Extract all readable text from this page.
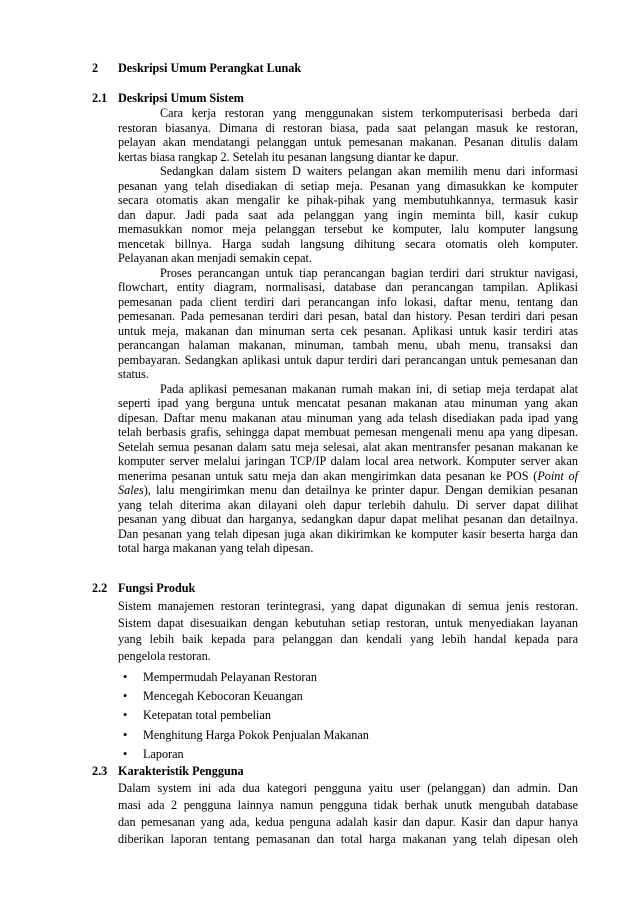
2 Deskripsi Umum Perangkat Lunak
2.1 Deskripsi Umum Sistem
Cara kerja restoran yang menggunakan sistem terkomputerisasi berbeda dari
restoran biasanya. Dimana di restoran biasa, pada saat pelangan masuk ke restoran,
pelayan akan mendatangi pelanggan untuk pemesanan makanan. Pesanan ditulis dalam
kertas biasa rangkap 2. Setelah itu pesanan langsung diantar ke dapur.
Sedangkan dalam sistem D waiters pelangan akan memilih menu dari informasi
pesanan yang telah disediakan di setiap meja. Pesanan yang dimasukkan ke komputer
secara otomatis akan mengalir ke pihak-pihak yang membutuhkannya, termasuk kasir
dan dapur. Jadi pada saat ada pelanggan yang ingin meminta bill, kasir cukup
memasukkan nomor meja pelanggan tersebut ke komputer, lalu komputer langsung
mencetak billnya. Harga sudah langsung dihitung secara otomatis oleh komputer.
Pelayanan akan menjadi semakin cepat.
Proses perancangan untuk tiap perancangan bagian terdiri dari struktur navigasi,
flowchart, entity diagram, normalisasi, database dan perancangan tampilan. Aplikasi
pemesanan pada client terdiri dari perancangan info lokasi, daftar menu, tentang dan
pemesanan. Pada pemesanan terdiri dari pesan, batal dan history. Pesan terdiri dari pesan
untuk meja, makanan dan minuman serta cek pesanan. Aplikasi untuk kasir terdiri atas
perancangan halaman makanan, minuman, tambah menu, ubah menu, transaksi dan
pembayaran. Sedangkan aplikasi untuk dapur terdiri dari perancangan untuk pemesanan dan
status.
Pada aplikasi pemesanan makanan rumah makan ini, di setiap meja terdapat alat
seperti ipad yang berguna untuk mencatat pesanan makanan atau minuman yang akan
dipesan. Daftar menu makanan atau minuman yang ada telash disediakan pada ipad yang
telah berbasis grafis, sehingga dapat membuat pemesan mengenali menu apa yang dipesan.
Setelah semua pesanan dalam satu meja selesai, alat akan mentransfer pesanan makanan ke
komputer server melalui jaringan TCP/IP dalam local area network. Komputer server akan
menerima pesanan untuk satu meja dan akan mengirimkan data pesanan ke POS (Point of
Sales), lalu mengirimkan menu dan detailnya ke printer dapur. Dengan demikian pesanan
yang telah diterima akan dilayani oleh dapur terlebih dahulu. Di server dapat dilihat
pesanan yang dibuat dan harganya, sedangkan dapur dapat melihat pesanan dan detailnya.
Dan pesanan yang telah dipesan juga akan dikirimkan ke komputer kasir beserta harga dan
total harga makanan yang telah dipesan.
2.2 Fungsi Produk
Sistem manajemen restoran terintegrasi, yang dapat digunakan di semua jenis restoran.
Sistem dapat disesuaikan dengan kebutuhan setiap restoran, untuk menyediakan layanan
yang lebih baik kepada para pelanggan dan kendali yang lebih handal kepada para
pengelola restoran.
•
Mempermudah Pelayanan Restoran
•
Mencegah Kebocoran Keuangan
•
Ketepatan total pembelian
•
Menghitung Harga Pokok Penjualan Makanan
•
Laporan
2.3 Karakteristik Pengguna
Dalam system ini ada dua kategori pengguna yaitu user (pelanggan) dan admin. Dan
masi ada 2 pengguna lainnya namun pengguna tidak berhak unutk mengubah database
dan pemesanan yang ada, kedua penguna adalah kasir dan dapur. Kasir dan dapur hanya
diberikan laporan tentang pemasanan dan total harga makanan yang telah dipesan oleh
